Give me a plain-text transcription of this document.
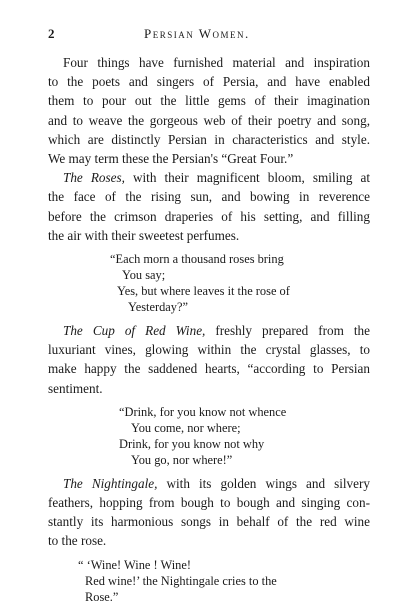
2	Persian Women.

Four things have furnished material and inspiration
to the poets and singers of Persia, and have enabled
them to pour out the little gems of their imagination
and to weave the gorgeous web of their poetry and song,
which are distinctly Persian in characteristics and style.
We may term these the Persian's “Great Four.”

The Roses, with their magnificent bloom, smiling at
the face of the rising sun, and bowing in reverence
before the crimson draperies of his setting, and filling
the air with their sweetest perfumes.

“Each morn a thousand roses bring
You say;
Yes, but where leaves it the rose of
Yesterday?”

The Cup of Red Wine, freshly prepared from the
luxuriant vines, glowing within the crystal glasses, to
make happy the saddened hearts, “according to Persian
sentiment.

“Drink, for you know not whence
You come, nor where;
Drink, for you know not why
You go, nor where!”

The Nightingale, with its golden wings and silvery
feathers, hopping from bough to bough and singing con-
stantly its harmonious songs in behalf of the red wine
to the rose.

“ ‘Wine! Wine ! Wine!
Red wine!’ the Nightingale cries to the
Rose.”
